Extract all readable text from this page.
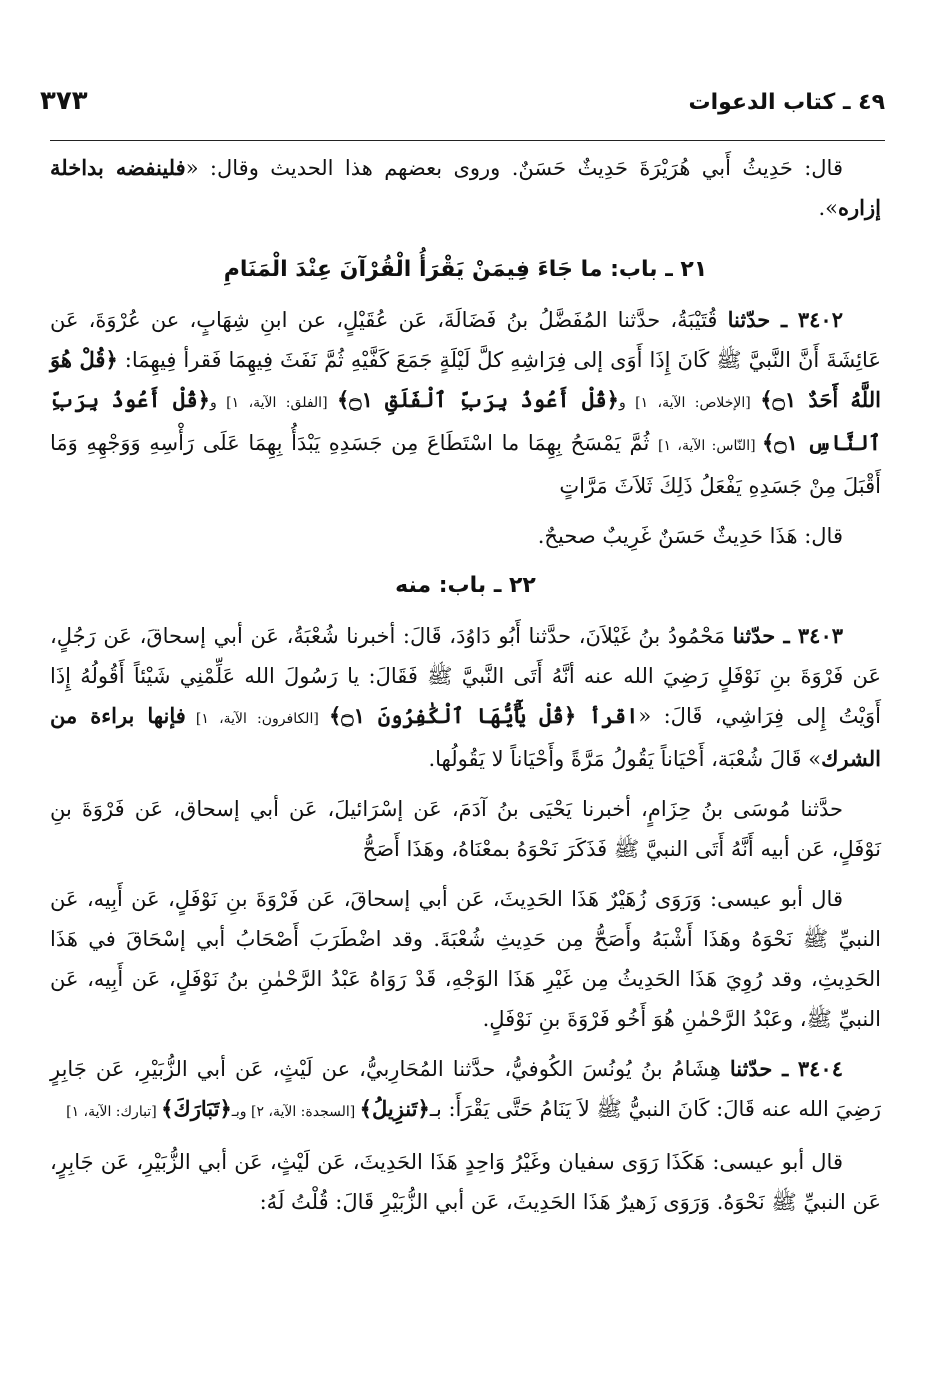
٤٩ ـ كتاب الدعوات
٣٧٣

قال: حَدِيثُ أَبي هُرَيْرَةَ حَدِيثٌ حَسَنٌ. وروى بعضهم هذا الحديث وقال: «فلينفضه بداخلة إزاره».

٢١ ـ باب: ما جَاءَ فِيمَنْ يَقْرَأُ الْقُرْآنَ عِنْدَ الْمَنَامِ

٣٤٠٢ ـ حدّثنا قُتَيْبَةُ، حدَّثنا المُفَضَّلُ بنُ فَضَالَةَ، عَن عُقَيْلٍ، عن ابنِ شِهَابٍ، عن عُرْوَةَ، عَن عَائِشَةَ أَنَّ النَّبيَّ ﷺ كَانَ إِذَا أَوَى إلى فِرَاشِهِ كلَّ لَيْلَةٍ جَمَعَ كَفَّيْهِ ثُمَّ نَفَثَ فِيهِمَا فَقرأ فِيهِمَا: ﴿قُلْ هُوَ اللَّهُ أَحَدٌ ۝١﴾ [الإخلاص: الآية، ١] و﴿قُلْ أَعُوذُ بِرَبِّ ٱلْفَلَقِ ۝١﴾ [الفلق: الآية، ١] و﴿قُلْ أَعُوذُ بِرَبِّ ٱلنَّاسِ ۝١﴾ [النّاس: الآية، ١] ثُمَّ يَمْسَحُ بِهِمَا ما اسْتَطَاعَ مِن جَسَدِهِ يَبْدَأُ بِهِمَا عَلَى رَأْسِهِ وَوَجْهِهِ وَمَا أَقْبَلَ مِنْ جَسَدِهِ يَفْعَلُ ذَلِكَ ثَلاَثَ مَرَّاتٍ

قال: هَذَا حَدِيثٌ حَسَنٌ غَرِيبٌ صحيحٌ.

٢٢ ـ باب: منه

٣٤٠٣ ـ حدّثنا مَحْمُودُ بنُ غَيْلاَنَ، حدَّثنا أَبُو دَاوُدَ، قَالَ: أخبرنا شُعْبَةُ، عَن أبي إسحاقَ، عَن رَجُلٍ، عَن فَرْوَةَ بنِ نَوْفَلٍ رَضِيَ الله عنه أنَّهُ أَتَى النَّبيَّ ﷺ فَقَالَ: يا رَسُولَ الله عَلِّمْنِي شَيْئاً أَقُولُهُ إِذَا أَوَيْتُ إِلى فِرَاشِي، قَالَ: «اقرأ ﴿قُلْ يَٰٓأَيُّهَا ٱلْكَٰفِرُونَ ۝١﴾ [الكافرون: الآية، ١] فإنها براءة من الشرك» قَالَ شُعْبَة، أَحْيَاناً يَقُولُ مَرَّةً وأَحْيَاناً لا يَقُولُها.

حدَّثنا مُوسَى بنُ حِزَامٍ، أخبرنا يَحْيَى بنُ آدَمَ، عَن إسْرَائيلَ، عَن أبي إسحاق، عَن فَرْوَةَ بنِ نَوْفَلٍ، عَن أبيه أَنَّهُ أَتَى النبيَّ ﷺ فَذَكَرَ نَحْوَهُ بمعْنَاهُ، وهَذَا أَصَحُّ

قال أبو عيسى: وَرَوَى زُهَيْرٌ هَذَا الحَدِيثَ، عَن أبي إسحاقَ، عَن فَرْوَةَ بنِ نَوْفَلٍ، عَن أَبِيه، عَن النبيِّ ﷺ نَحْوَهُ وهَذَا أَشْبَهُ وأَصَحُّ مِن حَدِيثِ شُعْبَةَ. وقد اضْطَرَبَ أَصْحَابُ أبي إسْحَاقَ في هَذَا الحَدِيثِ، وقد رُوِيَ هَذَا الحَدِيثُ مِن غَيْرِ هَذَا الوَجْهِ، قَدْ رَوَاهُ عَبْدُ الرَّحْمٰنِ بنُ نَوْفَلٍ، عَن أَبِيه، عَن النبيِّ ﷺ، وعَبْدُ الرَّحْمٰنِ هُوَ أَخُو فَرْوَةَ بنِ نَوْفَلٍ.

٣٤٠٤ ـ حدّثنا هِشَامُ بنُ يُونُسَ الكُوفيُّ، حدَّثنا المُحَارِبيُّ، عن لَيْثٍ، عَن أبي الزُّبَيْرِ، عَن جَابِرٍ رَضِيَ الله عنه قَالَ: كَانَ النبيُّ ﷺ لاَ يَنَامُ حَتَّى يَقْرَأَ: بـ﴿تَنزِيلُ﴾ [السجدة: الآية، ٢] وبـ﴿تَبَارَكَ﴾ [تبارك: الآية، ١]

قال أبو عيسى: هَكَذَا رَوَى سفيان وغَيْرُ وَاحِدٍ هَذَا الحَدِيثَ، عَن لَيْثٍ، عَن أبي الزُّبَيْرِ، عَن جَابِرٍ، عَن النبيِّ ﷺ نَحْوَهُ. وَرَوَى زَهيرٌ هَذَا الحَدِيثَ، عَن أبي الزُّبَيْرِ قَالَ: قُلْتُ لَهُ:
